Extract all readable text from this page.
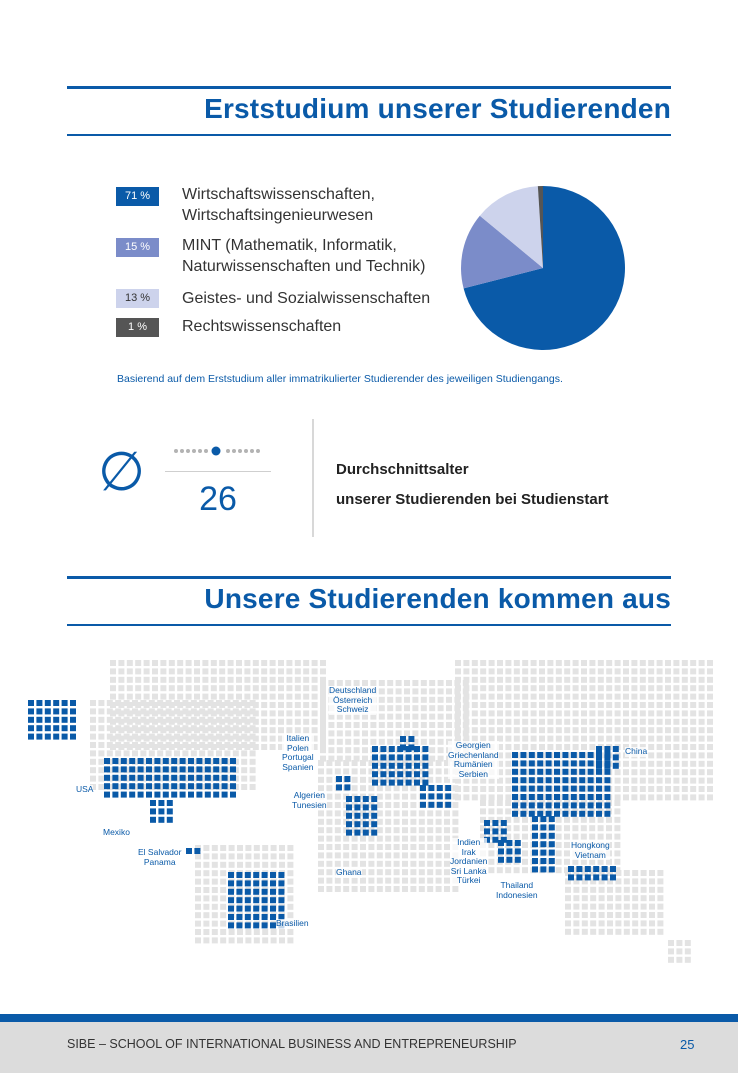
Erststudium unserer Studierenden
71 %	Wirtschaftswissenschaften,
Wirtschaftsingenieurwesen
15 %	MINT (Mathematik, Informatik,
Naturwissenschaften und Technik)
13 %	Geistes- und Sozialwissenschaften
1 %	Rechtswissenschaften
Basierend auf dem Erststudium aller immatrikulierter Studierender des jeweiligen Studiengangs.
∅	26
Durchschnittsalter
unserer Studierenden bei Studienstart
Unsere Studierenden kommen aus
USA
Mexiko
El Salvador
Panama
Brasilien
Deutschland
Österreich
Schweiz
Italien
Polen
Portugal
Spanien
Algerien
Tunesien
Ghana
Georgien
Griechenland
Rumänien
Serbien
Indien
Irak
Jordanien
Sri Lanka
Türkei
China
Hongkong
Vietnam
Thailand
Indonesien
SIBE – SCHOOL OF INTERNATIONAL BUSINESS AND ENTREPRENEURSHIP	25
